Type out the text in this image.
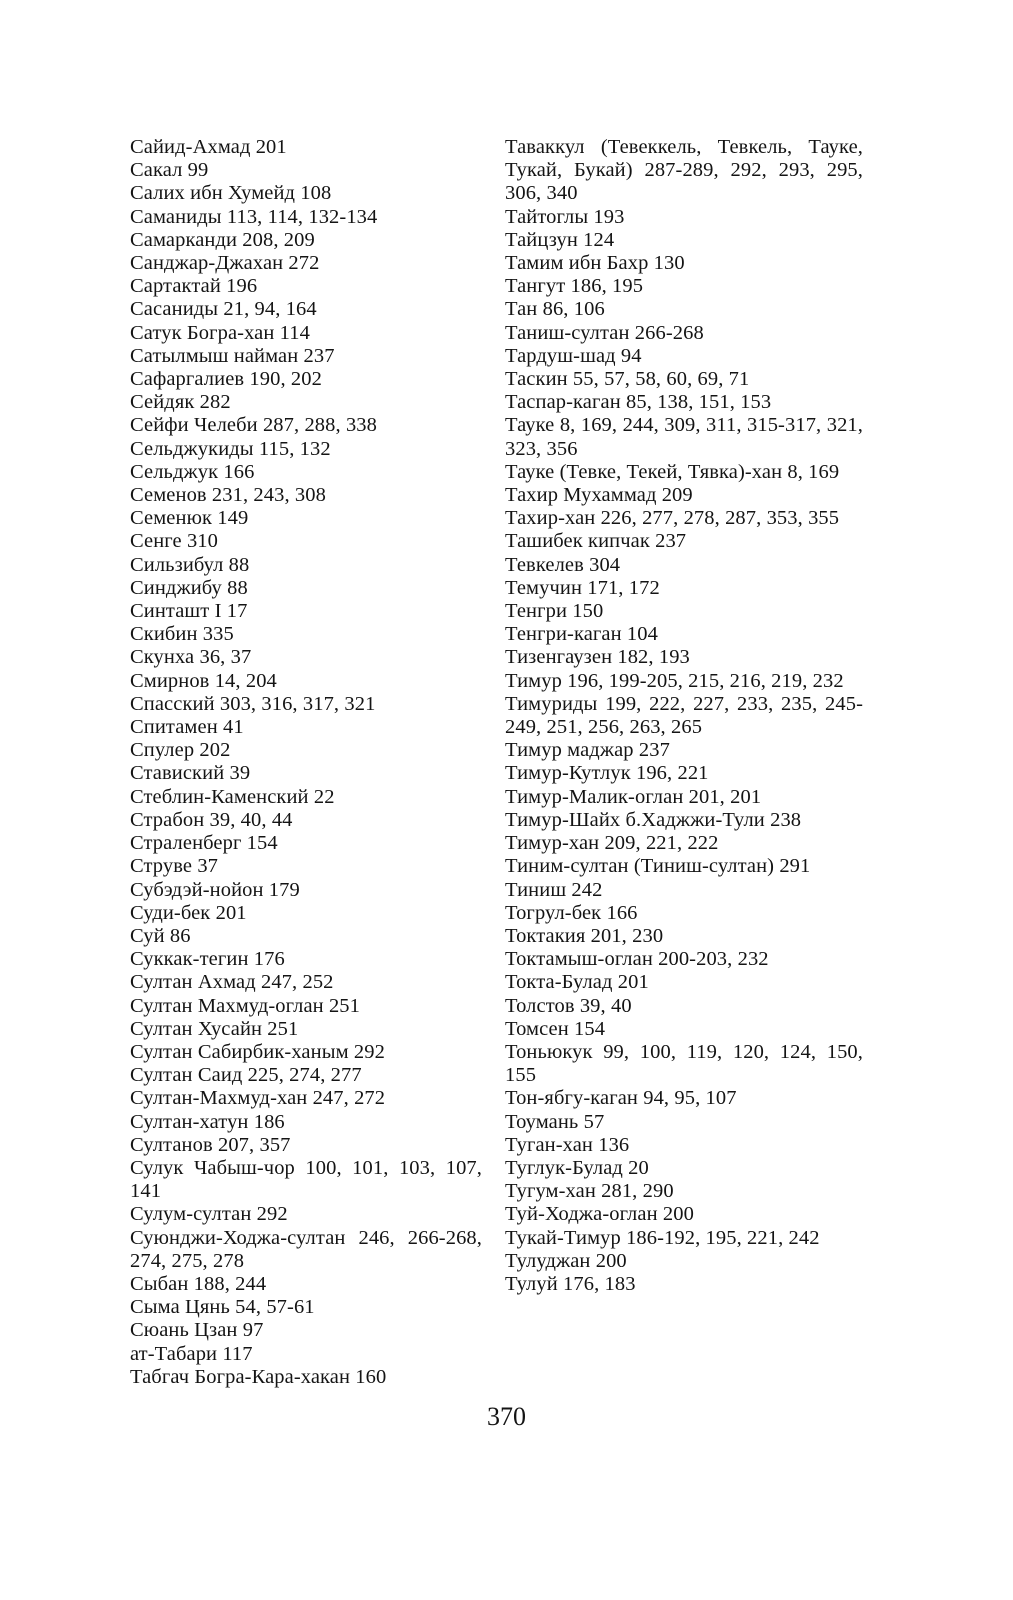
Сайид-Ахмад 201
Сакал 99
Салих ибн Хумейд 108
Саманиды 113, 114, 132-134
Самарканди 208, 209
Санджар-Джахан 272
Сартактай 196
Сасаниды 21, 94, 164
Сатук Богра-хан 114
Сатылмыш найман 237
Сафаргалиев 190, 202
Сейдяк 282
Сейфи Челеби 287, 288, 338
Сельджукиды 115, 132
Сельджук 166
Семенов 231, 243, 308
Семенюк 149
Сенге 310
Сильзибул 88
Синджибу 88
Синташт I 17
Скибин 335
Скунха 36, 37
Смирнов 14, 204
Спасский 303, 316, 317, 321
Спитамен 41
Спулер 202
Ставиский 39
Стеблин-Каменский 22
Страбон 39, 40, 44
Страленберг 154
Струве 37
Субэдэй-нойон 179
Суди-бек 201
Суй 86
Суккак-тегин 176
Султан Ахмад 247, 252
Султан Махмуд-оглан 251
Султан Хусайн 251
Султан Сабирбик-ханым 292
Султан Саид 225, 274, 277
Султан-Махмуд-хан 247, 272
Султан-хатун 186
Султанов 207, 357
Сулук Чабыш-чор 100, 101, 103, 107, 141
Сулум-султан 292
Суюнджи-Ходжа-султан 246, 266-268, 274, 275, 278
Сыбан 188, 244
Сыма Цянь 54, 57-61
Сюань Цзан 97
ат-Табари 117
Табгач Богра-Кара-хакан 160
Таваккул (Тевеккель, Тевкель, Тауке, Тукай, Букай) 287-289, 292, 293, 295, 306, 340
Тайтоглы 193
Тайцзун 124
Тамим ибн Бахр 130
Тангут 186, 195
Тан 86, 106
Таниш-султан 266-268
Тардуш-шад 94
Таскин 55, 57, 58, 60, 69, 71
Таспар-каган 85, 138, 151, 153
Тауке 8, 169, 244, 309, 311, 315-317, 321, 323, 356
Тауке (Тевке, Текей, Тявка)-хан 8, 169
Тахир Мухаммад 209
Тахир-хан 226, 277, 278, 287, 353, 355
Ташибек кипчак 237
Тевкелев 304
Темучин 171, 172
Тенгри 150
Тенгри-каган 104
Тизенгаузен 182, 193
Тимур 196, 199-205, 215, 216, 219, 232
Тимуриды 199, 222, 227, 233, 235, 245-249, 251, 256, 263, 265
Тимур маджар 237
Тимур-Кутлук 196, 221
Тимур-Малик-оглан 201, 201
Тимур-Шайх б.Хаджжи-Тули 238
Тимур-хан 209, 221, 222
Тиним-султан (Тиниш-султан) 291
Тиниш 242
Тогрул-бек 166
Токтакия 201, 230
Токтамыш-оглан 200-203, 232
Токта-Булад 201
Толстов 39, 40
Томсен 154
Тоньюкук 99, 100, 119, 120, 124, 150, 155
Тон-ябгу-каган 94, 95, 107
Тоумань 57
Туган-хан 136
Туглук-Булад 20
Тугум-хан 281, 290
Туй-Ходжа-оглан 200
Тукай-Тимур 186-192, 195, 221, 242
Тулуджан 200
Тулуй 176, 183
370
